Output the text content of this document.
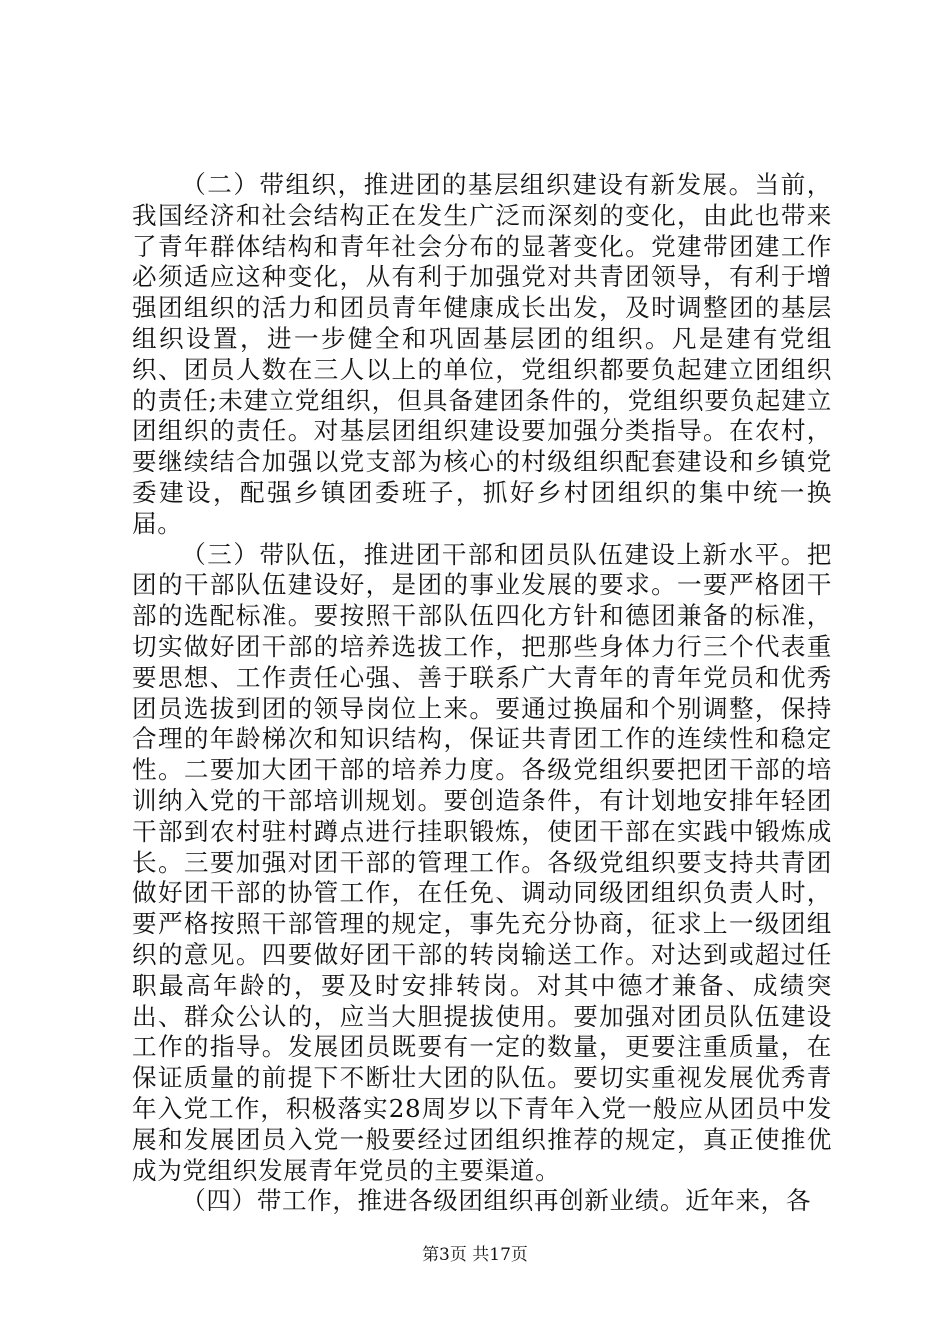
（二）带组织，推进团的基层组织建设有新发展。当前，我国经济和社会结构正在发生广泛而深刻的变化，由此也带来了青年群体结构和青年社会分布的显著变化。党建带团建工作必须适应这种变化，从有利于加强党对共青团领导，有利于增强团组织的活力和团员青年健康成长出发，及时调整团的基层组织设置，进一步健全和巩固基层团的组织。凡是建有党组织、团员人数在三人以上的单位，党组织都要负起建立团组织的责任;未建立党组织，但具备建团条件的，党组织要负起建立团组织的责任。对基层团组织建设要加强分类指导。在农村，要继续结合加强以党支部为核心的村级组织配套建设和乡镇党委建设，配强乡镇团委班子，抓好乡村团组织的集中统一换届。

（三）带队伍，推进团干部和团员队伍建设上新水平。把团的干部队伍建设好，是团的事业发展的要求。一要严格团干部的选配标准。要按照干部队伍四化方针和德团兼备的标准，切实做好团干部的培养选拔工作，把那些身体力行三个代表重要思想、工作责任心强、善于联系广大青年的青年党员和优秀团员选拔到团的领导岗位上来。要通过换届和个别调整，保持合理的年龄梯次和知识结构，保证共青团工作的连续性和稳定性。二要加大团干部的培养力度。各级党组织要把团干部的培训纳入党的干部培训规划。要创造条件，有计划地安排年轻团干部到农村驻村蹲点进行挂职锻炼，使团干部在实践中锻炼成长。三要加强对团干部的管理工作。各级党组织要支持共青团做好团干部的协管工作，在任免、调动同级团组织负责人时，要严格按照干部管理的规定，事先充分协商，征求上一级团组织的意见。四要做好团干部的转岗输送工作。对达到或超过任职最高年龄的，要及时安排转岗。对其中德才兼备、成绩突出、群众公认的，应当大胆提拔使用。要加强对团员队伍建设工作的指导。发展团员既要有一定的数量，更要注重质量，在保证质量的前提下不断壮大团的队伍。要切实重视发展优秀青年入党工作，积极落实28周岁以下青年入党一般应从团员中发展和发展团员入党一般要经过团组织推荐的规定，真正使推优成为党组织发展青年党员的主要渠道。

（四）带工作，推进各级团组织再创新业绩。近年来，各

第3页 共17页
